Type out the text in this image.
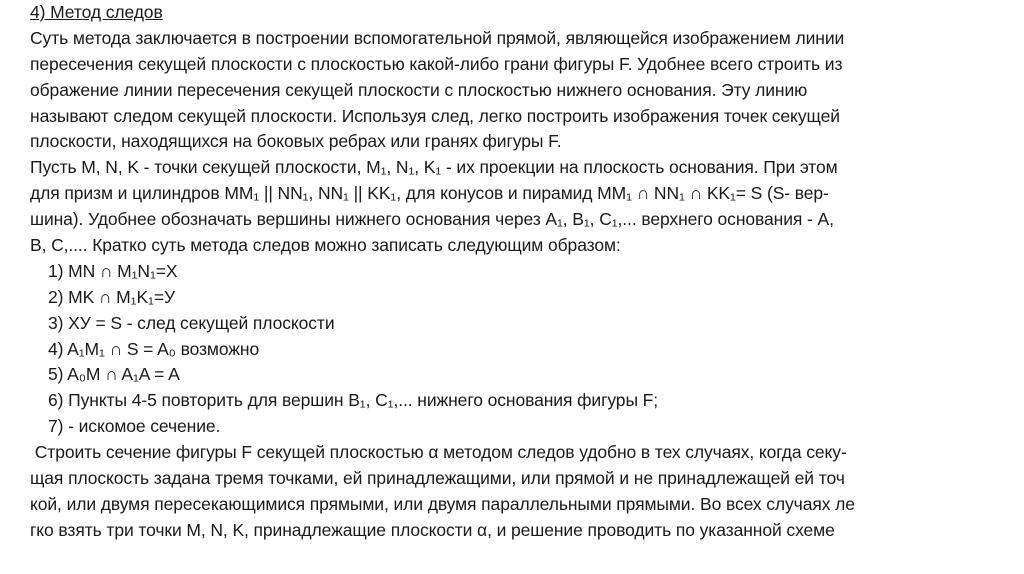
4) Метод следов
Суть метода заключается в построении вспомогательной прямой, являющейся изображением линии
пересечения секущей плоскости с плоскостью какой-либо грани фигуры F. Удобнее всего строить из
ображение линии пересечения секущей плоскости с плоскостью нижнего основания. Эту линию
называют следом секущей плоскости. Используя след, легко построить изображения точек секущей
плоскости, находящихся на боковых ребрах или гранях фигуры F.
Пусть M, N, K - точки секущей плоскости, M₁, N₁, K₁ - их проекции на плоскость основания. При этом
для призм и цилиндров MM₁ || NN₁, NN₁ || KK₁, для конусов и пирамид MM₁ ∩ NN₁ ∩ KK₁= S (S- вер-
шина). Удобнее обозначать вершины нижнего основания через A₁, B₁, C₁,... верхнего основания - A,
B, C,.... Кратко суть метода следов можно записать следующим образом:
1) MN ∩ M₁N₁=X
2) MK ∩ M₁K₁=У
3) XУ = S - след секущей плоскости
4) A₁M₁ ∩ S = A₀ возможно
5) A₀M ∩ A₁A = A
6) Пункты 4-5 повторить для вершин B₁, C₁,... нижнего основания фигуры F;
7) - искомое сечение.
Строить сечение фигуры F секущей плоскостью α методом следов удобно в тех случаях, когда секу-
щая плоскость задана тремя точками, ей принадлежащими, или прямой и не принадлежащей ей точ
кой, или двумя пересекающимися прямыми, или двумя параллельными прямыми. Во всех случаях ле
гко взять три точки M, N, K, принадлежащие плоскости α, и решение проводить по указанной схеме
